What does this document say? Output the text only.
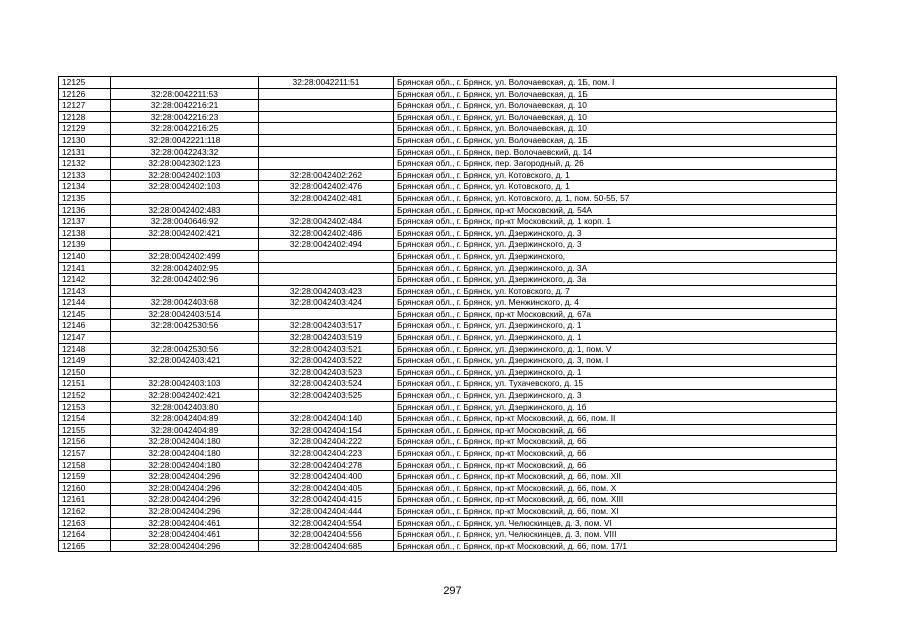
12125		32:28:0042211:51	Брянская обл., г. Брянск, ул. Волочаевская, д. 1Б, пом. I
12126	32:28:0042211:53		Брянская обл., г. Брянск, ул. Волочаевская, д. 1Б
12127	32:28:0042216:21		Брянская обл., г. Брянск, ул. Волочаевская, д. 10
12128	32:28:0042216:23		Брянская обл., г. Брянск, ул. Волочаевская, д. 10
12129	32:28:0042216:25		Брянская обл., г. Брянск, ул. Волочаевская, д. 10
12130	32:28:0042221:118		Брянская обл., г. Брянск, ул. Волочаевская, д. 1Б
12131	32:28:0042243:32		Брянская обл., г. Брянск, пер. Волочаевский, д. 14
12132	32:28:0042302:123		Брянская обл., г. Брянск, пер. Загородный, д. 26
12133	32:28:0042402:103	32:28:0042402:262	Брянская обл., г. Брянск, ул. Котовского, д. 1
12134	32:28:0042402:103	32:28:0042402:476	Брянская обл., г. Брянск, ул. Котовского, д. 1
12135		32:28:0042402:481	Брянская обл., г. Брянск, ул. Котовского, д. 1, пом. 50-55, 57
12136	32:28:0042402:483		Брянская обл., г. Брянск, пр-кт Московский, д. 54А
12137	32:28:0040646:92	32:28:0042402:484	Брянская обл., г. Брянск, пр-кт Московский, д. 1 корп. 1
12138	32:28:0042402:421	32:28:0042402:486	Брянская обл., г. Брянск, ул. Дзержинского, д. 3
12139		32:28:0042402:494	Брянская обл., г. Брянск, ул. Дзержинского, д. 3
12140	32:28:0042402:499		Брянская обл., г. Брянск, ул. Дзержинского,
12141	32:28:0042402:95		Брянская обл., г. Брянск, ул. Дзержинского, д. 3А
12142	32:28:0042402:96		Брянская обл., г. Брянск, ул. Дзержинского, д. 3а
12143		32:28:0042403:423	Брянская обл., г. Брянск, ул. Котовского, д. 7
12144	32:28:0042403:68	32:28:0042403:424	Брянская обл., г. Брянск, ул. Менжинского, д. 4
12145	32:28:0042403:514		Брянская обл., г. Брянск, пр-кт Московский, д. 67а
12146	32:28:0042530:56	32:28:0042403:517	Брянская обл., г. Брянск, ул. Дзержинского, д. 1
12147		32:28:0042403:519	Брянская обл., г. Брянск, ул. Дзержинского, д. 1
12148	32:28:0042530:56	32:28:0042403:521	Брянская обл., г. Брянск, ул. Дзержинского, д. 1, пом. V
12149	32:28:0042403:421	32:28:0042403:522	Брянская обл., г. Брянск, ул. Дзержинского, д. 3, пом. I
12150		32:28:0042403:523	Брянская обл., г. Брянск, ул. Дзержинского, д. 1
12151	32:28:0042403:103	32:28:0042403:524	Брянская обл., г. Брянск, ул. Тухачевского, д. 15
12152	32:28:0042402:421	32:28:0042403:525	Брянская обл., г. Брянск, ул. Дзержинского, д. 3
12153	32:28:0042403:80		Брянская обл., г. Брянск, ул. Дзержинского, д. 1б
12154	32:28:0042404:89	32:28:0042404:140	Брянская обл., г. Брянск, пр-кт Московский, д. 66, пом. II
12155	32:28:0042404:89	32:28:0042404:154	Брянская обл., г. Брянск, пр-кт Московский, д. 66
12156	32:28:0042404:180	32:28:0042404:222	Брянская обл., г. Брянск, пр-кт Московский, д. 66
12157	32:28:0042404:180	32:28:0042404:223	Брянская обл., г. Брянск, пр-кт Московский, д. 66
12158	32:28:0042404:180	32:28:0042404:278	Брянская обл., г. Брянск, пр-кт Московский, д. 66
12159	32:28:0042404:296	32:28:0042404:400	Брянская обл., г. Брянск, пр-кт Московский, д. 66, пом. XII
12160	32:28:0042404:296	32:28:0042404:405	Брянская обл., г. Брянск, пр-кт Московский, д. 66, пом. X
12161	32:28:0042404:296	32:28:0042404:415	Брянская обл., г. Брянск, пр-кт Московский, д. 66, пом. XIII
12162	32:28:0042404:296	32:28:0042404:444	Брянская обл., г. Брянск, пр-кт Московский, д. 66, пом. XI
12163	32:28:0042404:461	32:28:0042404:554	Брянская обл., г. Брянск, ул. Челюскинцев, д. 3, пом. VI
12164	32:28:0042404:461	32:28:0042404:556	Брянская обл., г. Брянск, ул. Челюскинцев, д. 3, пом. VIII
12165	32:28:0042404:296	32:28:0042404:685	Брянская обл., г. Брянск, пр-кт Московский, д. 66, пом. 17/1
297
